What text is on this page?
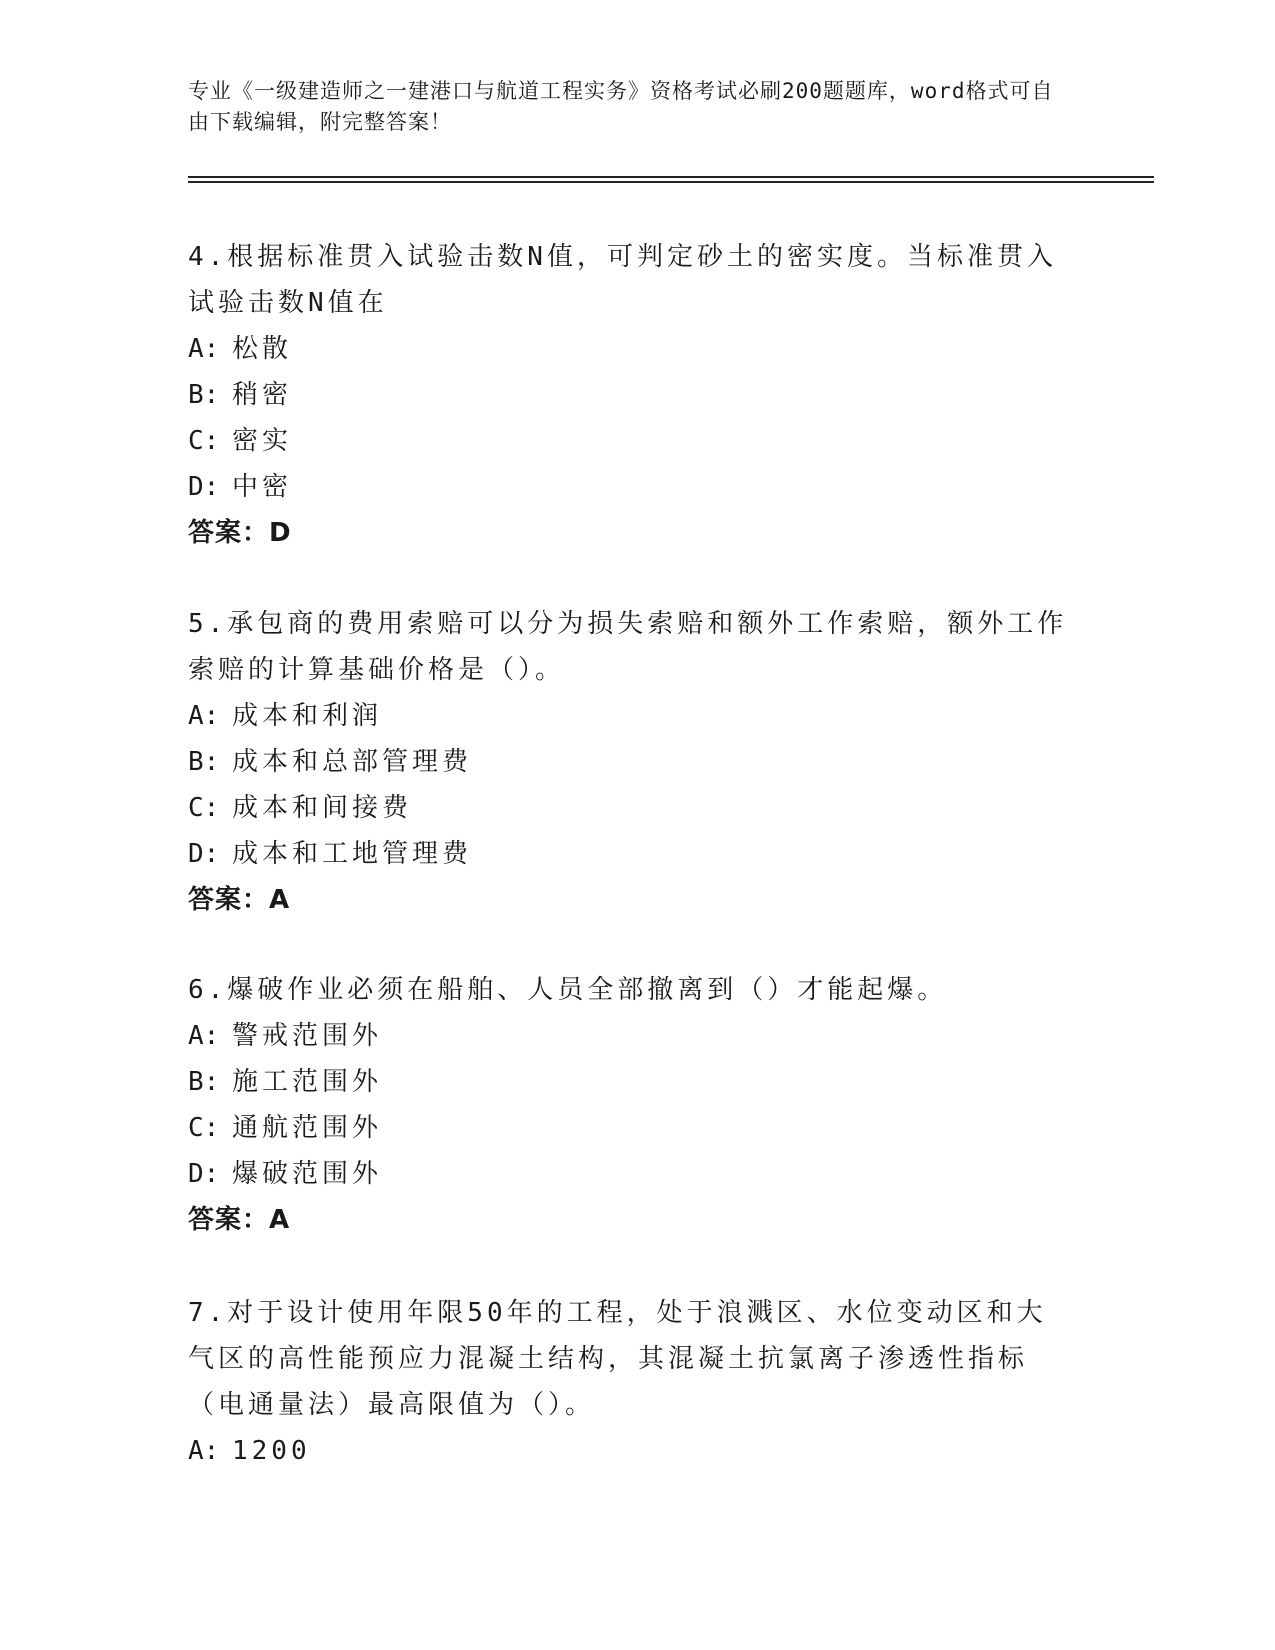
专业《一级建造师之一建港口与航道工程实务》资格考试必刷200题题库，word格式可自由下载编辑，附完整答案！

4.根据标准贯入试验击数N值，可判定砂土的密实度。当标准贯入试验击数N值在

A: 松散
B: 稍密
C: 密实
D: 中密
答案：D

5.承包商的费用索赔可以分为损失索赔和额外工作索赔，额外工作索赔的计算基础价格是（）。

A: 成本和利润
B: 成本和总部管理费
C: 成本和间接费
D: 成本和工地管理费
答案：A

6.爆破作业必须在船舶、人员全部撤离到（）才能起爆。

A: 警戒范围外
B: 施工范围外
C: 通航范围外
D: 爆破范围外
答案：A

7.对于设计使用年限50年的工程，处于浪溅区、水位变动区和大气区的高性能预应力混凝土结构，其混凝土抗氯离子渗透性指标（电通量法）最高限值为（）。

A: 1200
